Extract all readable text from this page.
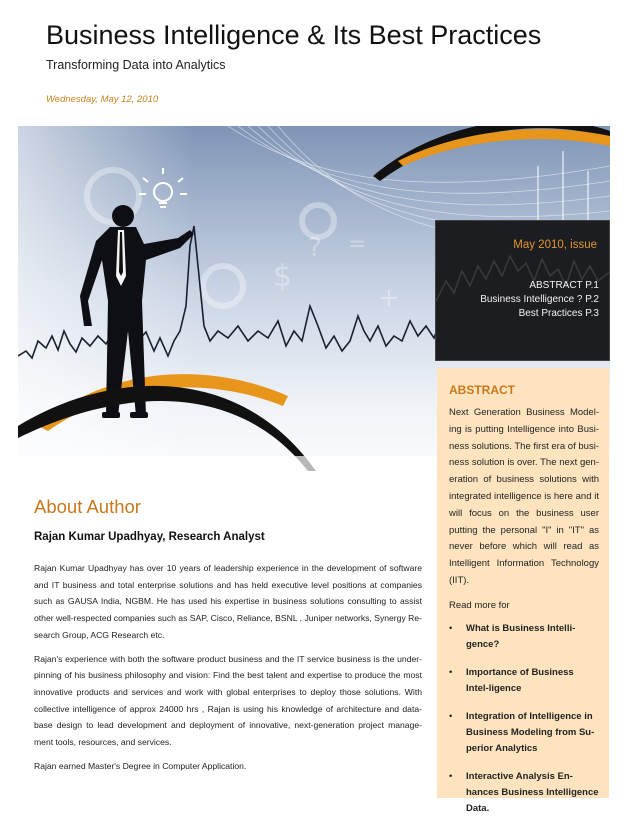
Business Intelligence & Its Best Practices
Transforming Data into Analytics
Wednesday, May 12, 2010
?
$
+
=	May 2010, issue
ABSTRACT P.1
Business Intelligence ? P.2
Best Practices P.3
ABSTRACT
Next Generation Business Model-ing is putting Intelligence into Busi-ness solutions. The first era of busi-ness solution is over. The next gen-eration of business solutions with integrated intelligence is here and it will focus on the business user putting the personal "I" in "IT" as never before which will read as Intelligent Information Technology (IIT).
Read more for
• What is Business Intelli-gence?
• Importance of Business Intel-ligence
• Integration of Intelligence in Business Modeling from Su-perior Analytics
• Interactive Analysis En-hances Business Intelligence Data.
About Author
Rajan Kumar Upadhyay, Research Analyst

Rajan Kumar Upadhyay has over 10 years of leadership experience in the development of software and IT business and total enterprise solutions and has held executive level positions at companies such as GAUSA India, NGBM. He has used his expertise in business solutions consulting to assist other well-respected companies such as SAP, Cisco, Reliance, BSNL , Juniper networks, Synergy Re-search Group, ACG Research etc.

Rajan's experience with both the software product business and the IT service business is the under-pinning of his business philosophy and vision: Find the best talent and expertise to produce the most innovative products and services and work with global enterprises to deploy those solutions. With collective intelligence of approx 24000 hrs , Rajan is using his knowledge of architecture and data-base design to lead development and deployment of innovative, next-generation project manage-ment tools, resources, and services.

Rajan earned Master's Degree in Computer Application.
